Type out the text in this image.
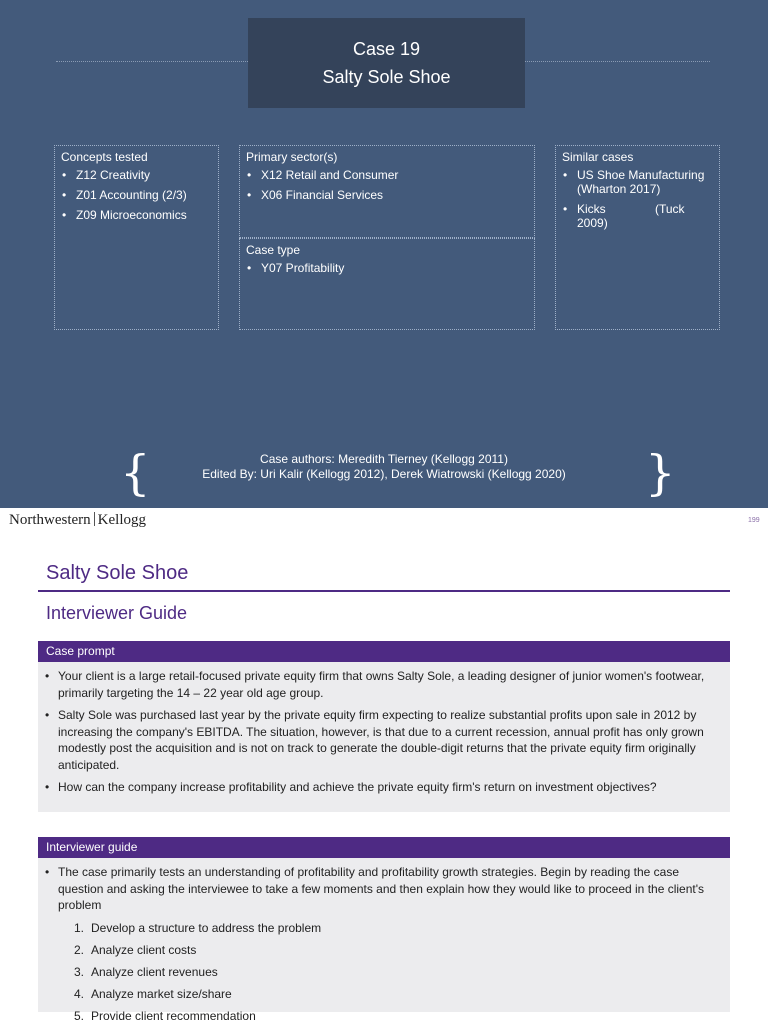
Case 19
Salty Sole Shoe
Concepts tested
• Z12 Creativity
• Z01 Accounting (2/3)
• Z09 Microeconomics
Primary sector(s)
• X12 Retail and Consumer
• X06 Financial Services
Case type
• Y07 Profitability
Similar cases
• US Shoe Manufacturing (Wharton 2017)
• Kicks	(Tuck 2009)
{	Case authors: Meredith Tierney (Kellogg 2011)
Edited By: Uri Kalir (Kellogg 2012), Derek Wiatrowski (Kellogg 2020)	}
Northwestern Kellogg	199
Salty Sole Shoe
Interviewer Guide
Case prompt
• Your client is a large retail-focused private equity firm that owns Salty Sole, a leading designer of junior women's footwear, primarily targeting the 14 – 22 year old age group.
• Salty Sole was purchased last year by the private equity firm expecting to realize substantial profits upon sale in 2012 by increasing the company's EBITDA. The situation, however, is that due to a current recession, annual profit has only grown modestly post the acquisition and is not on track to generate the double-digit returns that the private equity firm originally anticipated.
• How can the company increase profitability and achieve the private equity firm's return on investment objectives?
Interviewer guide
• The case primarily tests an understanding of profitability and profitability growth strategies. Begin by reading the case question and asking the interviewee to take a few moments and then explain how they would like to proceed in the client's problem
1. Develop a structure to address the problem
2. Analyze client costs
3. Analyze client revenues
4. Analyze market size/share
5. Provide client recommendation
